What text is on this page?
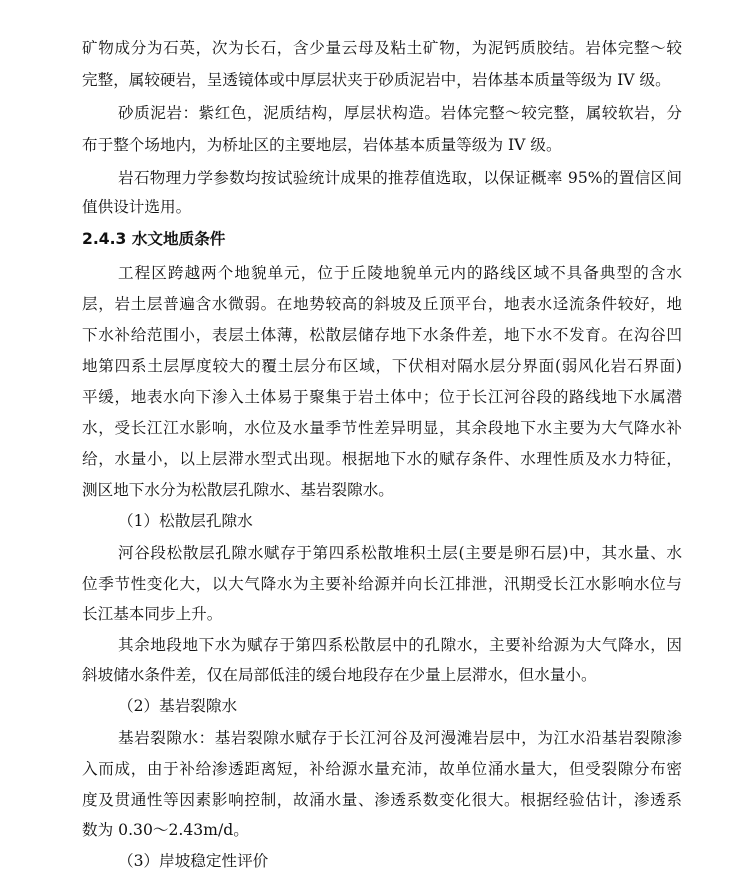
矿物成分为石英，次为长石，含少量云母及粘土矿物，为泥钙质胶结。岩体完整～较
完整，属较硬岩，呈透镜体或中厚层状夹于砂质泥岩中，岩体基本质量等级为 IV 级。
砂质泥岩：紫红色，泥质结构，厚层状构造。岩体完整～较完整，属较软岩，分
布于整个场地内，为桥址区的主要地层，岩体基本质量等级为 IV 级。
岩石物理力学参数均按试验统计成果的推荐值选取，以保证概率 95%的置信区间
值供设计选用。
2.4.3 水文地质条件
工程区跨越两个地貌单元，位于丘陵地貌单元内的路线区域不具备典型的含水
层，岩土层普遍含水微弱。在地势较高的斜坡及丘顶平台，地表水迳流条件较好，地
下水补给范围小，表层土体薄，松散层储存地下水条件差，地下水不发育。在沟谷凹
地第四系土层厚度较大的覆土层分布区域，下伏相对隔水层分界面(弱风化岩石界面)
平缓，地表水向下渗入土体易于聚集于岩土体中；位于长江河谷段的路线地下水属潜
水，受长江江水影响，水位及水量季节性差异明显，其余段地下水主要为大气降水补
给，水量小，以上层滞水型式出现。根据地下水的赋存条件、水理性质及水力特征，
测区地下水分为松散层孔隙水、基岩裂隙水。
（1）松散层孔隙水
河谷段松散层孔隙水赋存于第四系松散堆积土层(主要是卵石层)中，其水量、水
位季节性变化大，以大气降水为主要补给源并向长江排泄，汛期受长江水影响水位与
长江基本同步上升。
其余地段地下水为赋存于第四系松散层中的孔隙水，主要补给源为大气降水，因
斜坡储水条件差，仅在局部低洼的缓台地段存在少量上层滞水，但水量小。
（2）基岩裂隙水
基岩裂隙水：基岩裂隙水赋存于长江河谷及河漫滩岩层中，为江水沿基岩裂隙渗
入而成，由于补给渗透距离短，补给源水量充沛，故单位涌水量大，但受裂隙分布密
度及贯通性等因素影响控制，故涌水量、渗透系数变化很大。根据经验估计，渗透系
数为 0.30～2.43m/d。
（3）岸坡稳定性评价
